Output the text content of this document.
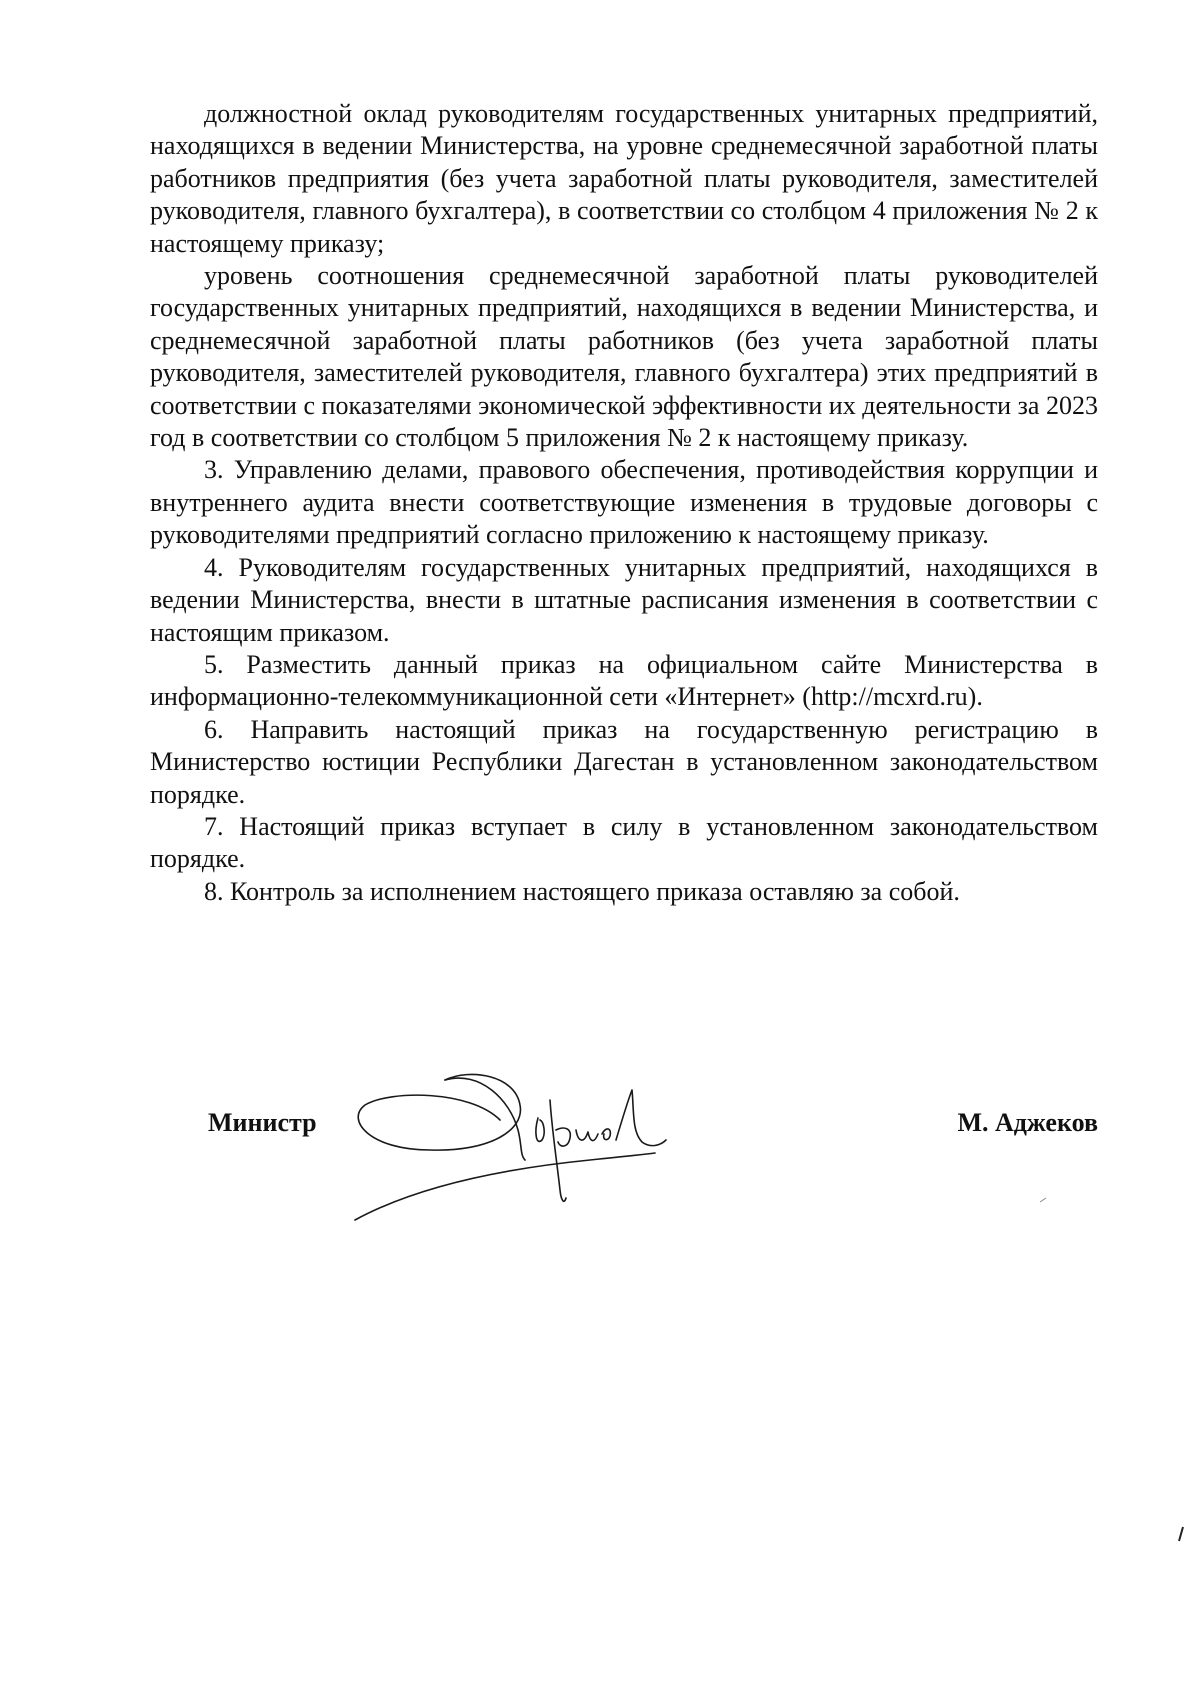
должностной оклад руководителям государственных унитарных предприятий, находящихся в ведении Министерства, на уровне среднемесячной заработной платы работников предприятия (без учета заработной платы руководителя, заместителей руководителя, главного бухгалтера), в соответствии со столбцом 4 приложения № 2 к настоящему приказу;

уровень соотношения среднемесячной заработной платы руководителей государственных унитарных предприятий, находящихся в ведении Министерства, и среднемесячной заработной платы работников (без учета заработной платы руководителя, заместителей руководителя, главного бухгалтера) этих предприятий в соответствии с показателями экономической эффективности их деятельности за 2023 год в соответствии со столбцом 5 приложения № 2 к настоящему приказу.

3. Управлению делами, правового обеспечения, противодействия коррупции и внутреннего аудита внести соответствующие изменения в трудовые договоры с руководителями предприятий согласно приложению к настоящему приказу.

4. Руководителям государственных унитарных предприятий, находящихся в ведении Министерства, внести в штатные расписания изменения в соответствии с настоящим приказом.

5. Разместить данный приказ на официальном сайте Министерства в информационно-телекоммуникационной сети «Интернет» (http://mcxrd.ru).

6. Направить настоящий приказ на государственную регистрацию в Министерство юстиции Республики Дагестан в установленном законодательством порядке.

7. Настоящий приказ вступает в силу в установленном законодательством порядке.

8. Контроль за исполнением настоящего приказа оставляю за собой.

Министр	М. Аджеков
